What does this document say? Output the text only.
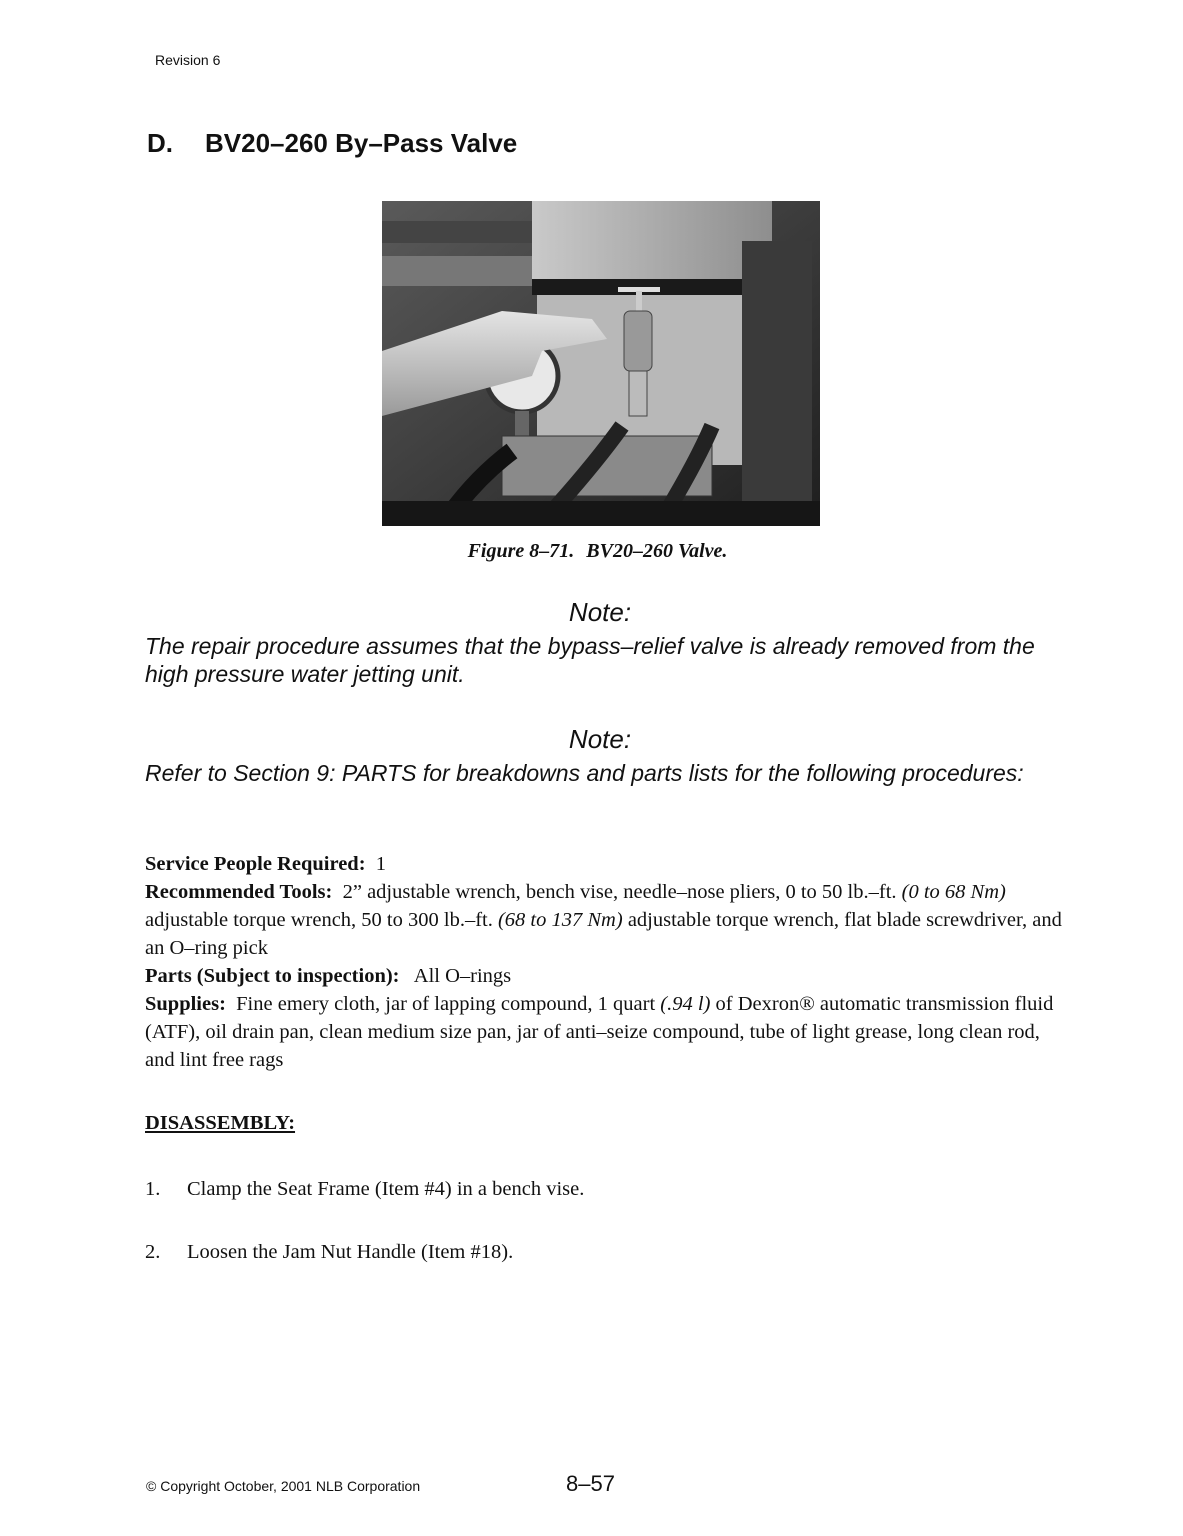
Revision 6
D. BV20–260 By–Pass Valve
Figure 8–71. BV20–260 Valve.
Note:

The repair procedure assumes that the bypass–relief valve is already removed from the high pressure water jetting unit.

Note:

Refer to Section 9: PARTS for breakdowns and parts lists for the following procedures:

Service People Required: 1
Recommended Tools: 2” adjustable wrench, bench vise, needle–nose pliers, 0 to 50 lb.–ft. (0 to 68 Nm) adjustable torque wrench, 50 to 300 lb.–ft. (68 to 137 Nm) adjustable torque wrench, flat blade screwdriver, and an O–ring pick
Parts (Subject to inspection): All O–rings
Supplies: Fine emery cloth, jar of lapping compound, 1 quart (.94 l) of Dexron® automatic transmission fluid (ATF), oil drain pan, clean medium size pan, jar of anti–seize compound, tube of light grease, long clean rod, and lint free rags

DISASSEMBLY:
1. Clamp the Seat Frame (Item #4) in a bench vise.
2. Loosen the Jam Nut Handle (Item #18).
© Copyright October, 2001 NLB Corporation	8–57
